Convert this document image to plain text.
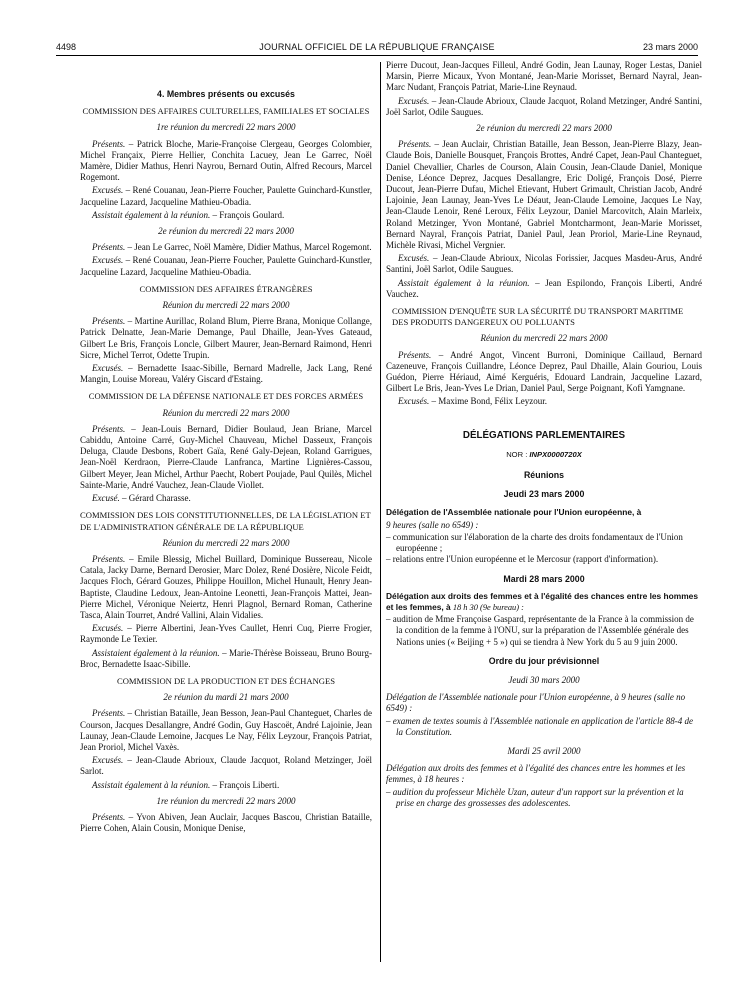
4498	JOURNAL OFFICIEL DE LA RÉPUBLIQUE FRANÇAISE	23 mars 2000
4. Membres présents ou excusés
COMMISSION DES AFFAIRES CULTURELLES, FAMILIALES ET SOCIALES
1re réunion du mercredi 22 mars 2000

Présents. – Patrick Bloche, Marie-Françoise Clergeau, Georges Colombier, Michel Françaix, Pierre Hellier, Conchita Lacuey, Jean Le Garrec, Noël Mamère, Didier Mathus, Henri Nayrou, Bernard Outin, Alfred Recours, Marcel Rogemont.

Excusés. – René Couanau, Jean-Pierre Foucher, Paulette Guinchard-Kunstler, Jacqueline Lazard, Jacqueline Mathieu-Obadia.

Assistait également à la réunion. – François Goulard.

2e réunion du mercredi 22 mars 2000

Présents. – Jean Le Garrec, Noël Mamère, Didier Mathus, Marcel Rogemont.

Excusés. – René Couanau, Jean-Pierre Foucher, Paulette Guinchard-Kunstler, Jacqueline Lazard, Jacqueline Mathieu-Obadia.

COMMISSION DES AFFAIRES ÉTRANGÈRES
Réunion du mercredi 22 mars 2000

Présents. – Martine Aurillac, Roland Blum, Pierre Brana, Monique Collange, Patrick Delnatte, Jean-Marie Demange, Paul Dhaille, Jean-Yves Gateaud, Gilbert Le Bris, François Loncle, Gilbert Maurer, Jean-Bernard Raimond, Henri Sicre, Michel Terrot, Odette Trupin.

Excusés. – Bernadette Isaac-Sibille, Bernard Madrelle, Jack Lang, René Mangin, Louise Moreau, Valéry Giscard d'Estaing.

COMMISSION DE LA DÉFENSE NATIONALE ET DES FORCES ARMÉES
Réunion du mercredi 22 mars 2000

Présents. – Jean-Louis Bernard, Didier Boulaud, Jean Briane, Marcel Cabiddu, Antoine Carré, Guy-Michel Chauveau, Michel Dasseux, François Deluga, Claude Desbons, Robert Gaïa, René Galy-Dejean, Roland Garrigues, Jean-Noël Kerdraon, Pierre-Claude Lanfranca, Martine Lignières-Cassou, Gilbert Meyer, Jean Michel, Arthur Paecht, Robert Poujade, Paul Quilès, Michel Sainte-Marie, André Vauchez, Jean-Claude Viollet.

Excusé. – Gérard Charasse.

COMMISSION DES LOIS CONSTITUTIONNELLES, DE LA LÉGISLATION ET DE L'ADMINISTRATION GÉNÉRALE DE LA RÉPUBLIQUE
Réunion du mercredi 22 mars 2000

Présents. – Emile Blessig, Michel Buillard, Dominique Bussereau, Nicole Catala, Jacky Darne, Bernard Derosier, Marc Dolez, René Dosière, Nicole Feidt, Jacques Floch, Gérard Gouzes, Philippe Houillon, Michel Hunault, Henry Jean-Baptiste, Claudine Ledoux, Jean-Antoine Leonetti, Jean-François Mattei, Jean-Pierre Michel, Véronique Neiertz, Henri Plagnol, Bernard Roman, Catherine Tasca, Alain Tourret, André Vallini, Alain Vidalies.

Excusés. – Pierre Albertini, Jean-Yves Caullet, Henri Cuq, Pierre Frogier, Raymonde Le Texier.

Assistaient également à la réunion. – Marie-Thérèse Boisseau, Bruno Bourg-Broc, Bernadette Isaac-Sibille.

COMMISSION DE LA PRODUCTION ET DES ÉCHANGES
2e réunion du mardi 21 mars 2000

Présents. – Christian Bataille, Jean Besson, Jean-Paul Chanteguet, Charles de Courson, Jacques Desallangre, André Godin, Guy Hascoët, André Lajoinie, Jean Launay, Jean-Claude Lemoine, Jacques Le Nay, Félix Leyzour, François Patriat, Jean Proriol, Michel Vaxès.

Excusés. – Jean-Claude Abrioux, Claude Jacquot, Roland Metzinger, Joël Sarlot.

Assistait également à la réunion. – François Liberti.

1re réunion du mercredi 22 mars 2000

Présents. – Yvon Abiven, Jean Auclair, Jacques Bascou, Christian Bataille, Pierre Cohen, Alain Cousin, Monique Denise,

Pierre Ducout, Jean-Jacques Filleul, André Godin, Jean Launay, Roger Lestas, Daniel Marsin, Pierre Micaux, Yvon Montané, Jean-Marie Morisset, Bernard Nayral, Jean-Marc Nudant, François Patriat, Marie-Line Reynaud.

Excusés. – Jean-Claude Abrioux, Claude Jacquot, Roland Metzinger, André Santini, Joël Sarlot, Odile Saugues.

2e réunion du mercredi 22 mars 2000

Présents. – Jean Auclair, Christian Bataille, Jean Besson, Jean-Pierre Blazy, Jean-Claude Bois, Danielle Bousquet, François Brottes, André Capet, Jean-Paul Chanteguet, Daniel Chevallier, Charles de Courson, Alain Cousin, Jean-Claude Daniel, Monique Denise, Léonce Deprez, Jacques Desallangre, Eric Doligé, François Dosé, Pierre Ducout, Jean-Pierre Dufau, Michel Etievant, Hubert Grimault, Christian Jacob, André Lajoinie, Jean Launay, Jean-Yves Le Déaut, Jean-Claude Lemoine, Jacques Le Nay, Jean-Claude Lenoir, René Leroux, Félix Leyzour, Daniel Marcovitch, Alain Marleix, Roland Metzinger, Yvon Montané, Gabriel Montcharmont, Jean-Marie Morisset, Bernard Nayral, François Patriat, Daniel Paul, Jean Proriol, Marie-Line Reynaud, Michèle Rivasi, Michel Vergnier.

Excusés. – Jean-Claude Abrioux, Nicolas Forissier, Jacques Masdeu-Arus, André Santini, Joël Sarlot, Odile Saugues.

Assistait également à la réunion. – Jean Espilondo, François Liberti, André Vauchez.

COMMISSION D'ENQUÊTE SUR LA SÉCURITÉ DU TRANSPORT MARITIME DES PRODUITS DANGEREUX OU POLLUANTS
Réunion du mercredi 22 mars 2000

Présents. – André Angot, Vincent Burroni, Dominique Caillaud, Bernard Cazeneuve, François Cuillandre, Léonce Deprez, Paul Dhaille, Alain Gouriou, Louis Guédon, Pierre Hériaud, Aimé Kerguéris, Edouard Landrain, Jacqueline Lazard, Gilbert Le Bris, Jean-Yves Le Drian, Daniel Paul, Serge Poignant, Kofi Yamgnane.

Excusés. – Maxime Bond, Félix Leyzour.

DÉLÉGATIONS PARLEMENTAIRES
NOR : INPX0000720X
Réunions
Jeudi 23 mars 2000
Délégation de l'Assemblée nationale pour l'Union européenne, à
9 heures (salle no 6549) :
– communication sur l'élaboration de la charte des droits fondamentaux de l'Union européenne ;
– relations entre l'Union européenne et le Mercosur (rapport d'information).
Mardi 28 mars 2000
Délégation aux droits des femmes et à l'égalité des chances entre les hommes et les femmes, à 18 h 30 (9e bureau) :
– audition de Mme Françoise Gaspard, représentante de la France à la commission de la condition de la femme à l'ONU, sur la préparation de l'Assemblée générale des Nations unies (« Beijing + 5 ») qui se tiendra à New York du 5 au 9 juin 2000.
Ordre du jour prévisionnel
Jeudi 30 mars 2000
Délégation de l'Assemblée nationale pour l'Union européenne, à 9 heures (salle no 6549) :
– examen de textes soumis à l'Assemblée nationale en application de l'article 88-4 de la Constitution.
Mardi 25 avril 2000
Délégation aux droits des femmes et à l'égalité des chances entre les hommes et les femmes, à 18 heures :
– audition du professeur Michèle Uzan, auteur d'un rapport sur la prévention et la prise en charge des grossesses des adolescentes.
